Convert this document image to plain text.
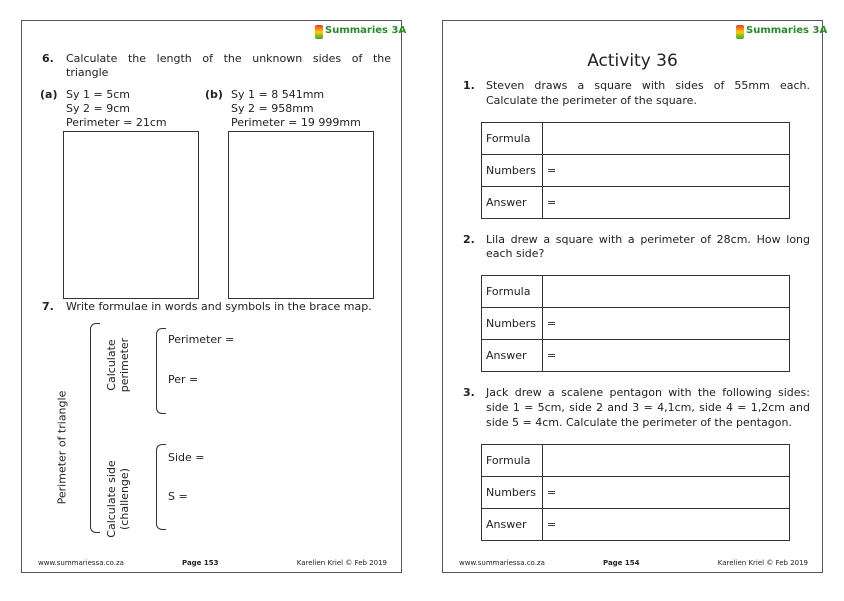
Summaries 3A
6. Calculate the length of the unknown sides of the
triangle
(a) Sy 1 = 5cm
Sy 2 = 9cm
Perimeter = 21cm
(b) Sy 1 = 8 541mm
Sy 2 = 958mm
Perimeter = 19 999mm
7. Write formulae in words and symbols in the brace map.
Perimeter of triangle
Calculate
perimeter	Perimeter =
Per =
Calculate side
(challenge)
Side =
S =
www.summariessa.co.za	Page 153	Karelien Kriel © Feb 2019
Summaries 3A
Activity 36
1. Steven draws a square with sides of 55mm each.
Calculate the perimeter of the square.
Formula	
Numbers	=
Answer	=
2. Lila drew a square with a perimeter of 28cm. How long
each side?
Formula	
Numbers	=
Answer	=
3. Jack drew a scalene pentagon with the following sides:
side 1 = 5cm, side 2 and 3 = 4,1cm, side 4 = 1,2cm and
side 5 = 4cm. Calculate the perimeter of the pentagon.
Formula	
Numbers	=
Answer	=
www.summariessa.co.za	Page 154	Karelien Kriel © Feb 2019
